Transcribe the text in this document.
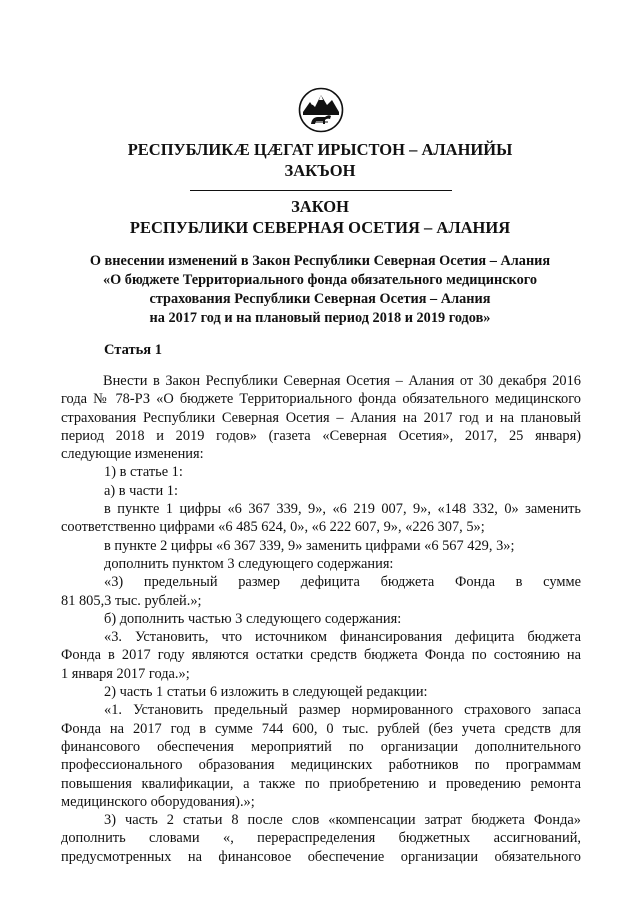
РЕСПУБЛИКÆ ЦÆГАТ ИРЫСТОН – АЛАНИЙЫ
ЗАКЪОН
ЗАКОН
РЕСПУБЛИКИ СЕВЕРНАЯ ОСЕТИЯ – АЛАНИЯ
О внесении изменений в Закон Республики Северная Осетия – Алания
«О бюджете Территориального фонда обязательного медицинского
страхования Республики Северная Осетия – Алания
на 2017 год и на плановый период 2018 и 2019 годов»
Статья 1

Внести в Закон Республики Северная Осетия – Алания от 30 декабря 2016

года № 78-РЗ «О бюджете Территориального фонда обязательного медицинского

страхования Республики Северная Осетия – Алания на 2017 год и на плановый

период 2018 и 2019 годов» (газета «Северная Осетия», 2017, 25 января)

следующие изменения:

1) в статье 1:

а) в части 1:

в пункте 1 цифры «6 367 339, 9», «6 219 007, 9», «148 332, 0» заменить

соответственно цифрами «6 485 624, 0», «6 222 607, 9», «226 307, 5»;

в пункте 2 цифры «6 367 339, 9» заменить цифрами «6 567 429, 3»;

дополнить пунктом 3 следующего содержания:

«3) предельный размер дефицита бюджета Фонда в сумме

81 805,3 тыс. рублей.»;

б) дополнить частью 3 следующего содержания:

«3. Установить, что источником финансирования дефицита бюджета

Фонда в 2017 году являются остатки средств бюджета Фонда по состоянию на

1 января 2017 года.»;

2) часть 1 статьи 6 изложить в следующей редакции:

«1. Установить предельный размер нормированного страхового запаса

Фонда на 2017 год в сумме 744 600, 0 тыс. рублей (без учета средств для

финансового обеспечения мероприятий по организации дополнительного

профессионального образования медицинских работников по программам

повышения квалификации, а также по приобретению и проведению ремонта

медицинского оборудования).»;

3) часть 2 статьи 8 после слов «компенсации затрат бюджета Фонда»

дополнить словами «, перераспределения бюджетных ассигнований,

предусмотренных на финансовое обеспечение организации обязательного
